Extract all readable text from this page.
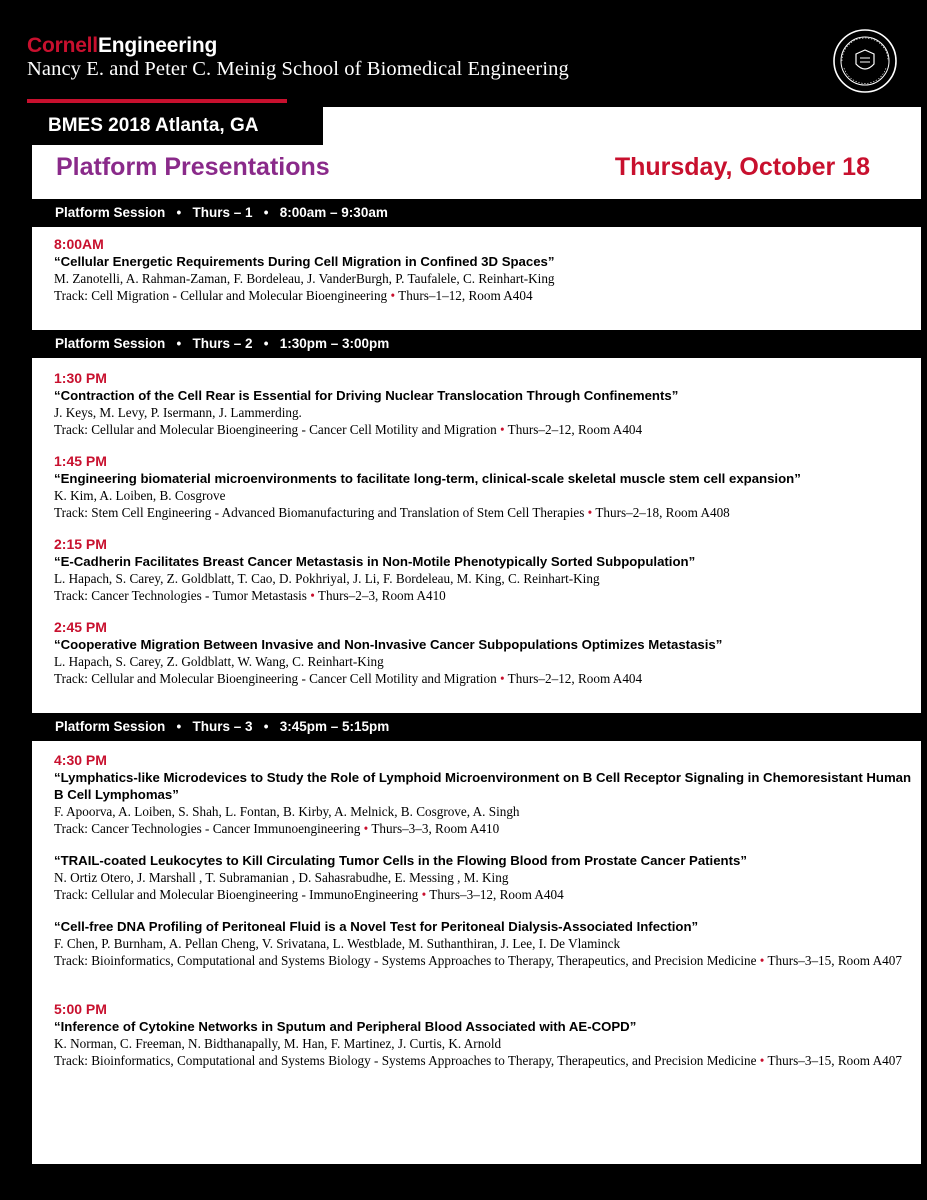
CornellEngineering
Nancy E. and Peter C. Meinig School of Biomedical Engineering
BMES 2018 Atlanta, GA
Platform Presentations	Thursday, October 18
Platform Session   •   Thurs – 1   •   8:00am – 9:30am
8:00AM
“Cellular Energetic Requirements During Cell Migration in Confined 3D Spaces”
M. Zanotelli, A. Rahman-Zaman, F. Bordeleau, J. VanderBurgh, P. Taufalele, C. Reinhart-King
Track: Cell Migration - Cellular and Molecular Bioengineering • Thurs–1–12, Room A404
Platform Session   •   Thurs – 2   •   1:30pm – 3:00pm
1:30 PM
“Contraction of the Cell Rear is Essential for Driving Nuclear Translocation Through Confinements”
J. Keys, M. Levy, P. Isermann, J. Lammerding.
Track: Cellular and Molecular Bioengineering - Cancer Cell Motility and Migration • Thurs–2–12, Room A404
1:45 PM
“Engineering biomaterial microenvironments to facilitate long-term, clinical-scale skeletal muscle stem cell expansion”
K. Kim, A. Loiben, B. Cosgrove
Track: Stem Cell Engineering - Advanced Biomanufacturing and Translation of Stem Cell Therapies • Thurs–2–18, Room A408
2:15 PM
“E-Cadherin Facilitates Breast Cancer Metastasis in Non-Motile Phenotypically Sorted Subpopulation”
L. Hapach, S. Carey, Z. Goldblatt, T. Cao, D. Pokhriyal, J. Li, F. Bordeleau, M. King, C. Reinhart-King
Track: Cancer Technologies - Tumor Metastasis • Thurs–2–3, Room A410
2:45 PM
“Cooperative Migration Between Invasive and Non-Invasive Cancer Subpopulations Optimizes Metastasis”
L. Hapach, S. Carey, Z. Goldblatt, W. Wang, C. Reinhart-King
Track: Cellular and Molecular Bioengineering - Cancer Cell Motility and Migration • Thurs–2–12, Room A404
Platform Session   •   Thurs – 3   •   3:45pm – 5:15pm
4:30 PM
“Lymphatics-like Microdevices to Study the Role of Lymphoid Microenvironment on B Cell Receptor Signaling in Chemoresistant Human B Cell Lymphomas”
F. Apoorva, A. Loiben, S. Shah, L. Fontan, B. Kirby, A. Melnick, B. Cosgrove, A. Singh
Track: Cancer Technologies - Cancer Immunoengineering • Thurs–3–3, Room A410
“TRAIL-coated Leukocytes to Kill Circulating Tumor Cells in the Flowing Blood from Prostate Cancer Patients”
N. Ortiz Otero, J. Marshall , T. Subramanian , D. Sahasrabudhe, E. Messing , M. King
Track: Cellular and Molecular Bioengineering - ImmunoEngineering • Thurs–3–12, Room A404
“Cell-free DNA Profiling of Peritoneal Fluid is a Novel Test for Peritoneal Dialysis-Associated Infection”
F. Chen, P. Burnham, A. Pellan Cheng, V. Srivatana, L. Westblade, M. Suthanthiran, J. Lee, I. De Vlaminck
Track: Bioinformatics, Computational and Systems Biology - Systems Approaches to Therapy, Therapeutics, and Precision Medicine • Thurs–3–15, Room A407
5:00 PM
“Inference of Cytokine Networks in Sputum and Peripheral Blood Associated with AE-COPD”
K. Norman, C. Freeman, N. Bidthanapally, M. Han, F. Martinez, J. Curtis, K. Arnold
Track: Bioinformatics, Computational and Systems Biology - Systems Approaches to Therapy, Therapeutics, and Precision Medicine • Thurs–3–15, Room A407
